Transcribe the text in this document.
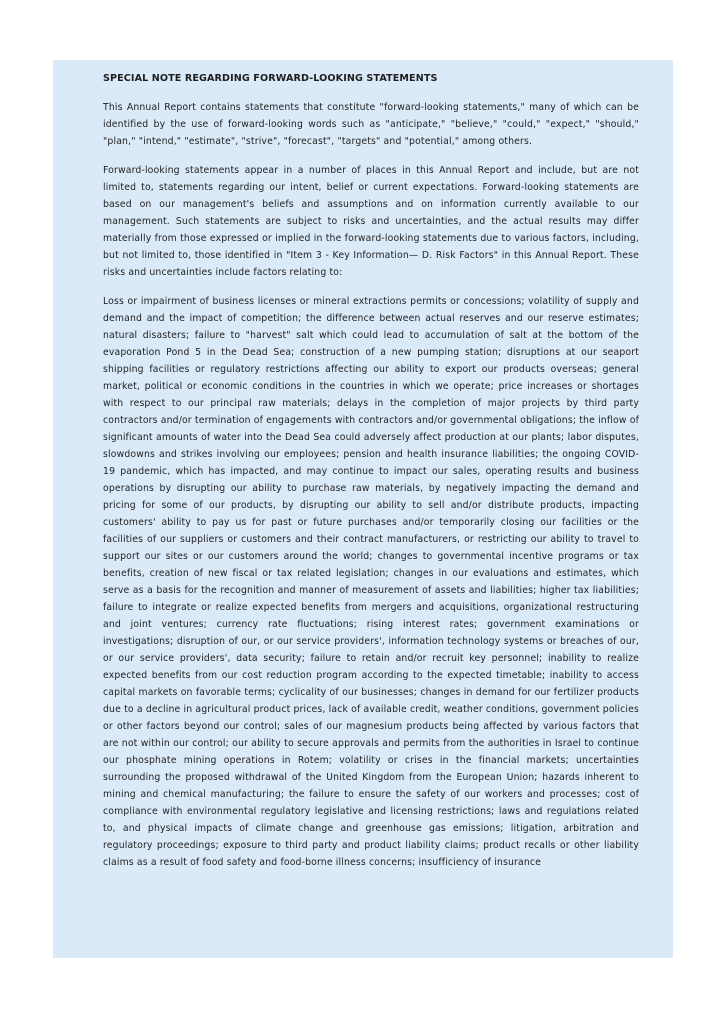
SPECIAL NOTE REGARDING FORWARD-LOOKING STATEMENTS

This Annual Report contains statements that constitute "forward-looking statements," many of which can be identified by the use of forward-looking words such as "anticipate," "believe," "could," "expect," "should," "plan," "intend," "estimate", "strive", "forecast", "targets" and "potential," among others.

Forward-looking statements appear in a number of places in this Annual Report and include, but are not limited to, statements regarding our intent, belief or current expectations. Forward-looking statements are based on our management's beliefs and assumptions and on information currently available to our management. Such statements are subject to risks and uncertainties, and the actual results may differ materially from those expressed or implied in the forward-looking statements due to various factors, including, but not limited to, those identified in "Item 3 - Key Information— D. Risk Factors" in this Annual Report. These risks and uncertainties include factors relating to:

Loss or impairment of business licenses or mineral extractions permits or concessions; volatility of supply and demand and the impact of competition; the difference between actual reserves and our reserve estimates; natural disasters; failure to "harvest" salt which could lead to accumulation of salt at the bottom of the evaporation Pond 5 in the Dead Sea; construction of a new pumping station; disruptions at our seaport shipping facilities or regulatory restrictions affecting our ability to export our products overseas; general market, political or economic conditions in the countries in which we operate; price increases or shortages with respect to our principal raw materials; delays in the completion of major projects by third party contractors and/or termination of engagements with contractors and/or governmental obligations; the inflow of significant amounts of water into the Dead Sea could adversely affect production at our plants; labor disputes, slowdowns and strikes involving our employees; pension and health insurance liabilities; the ongoing COVID-19 pandemic, which has impacted, and may continue to impact our sales, operating results and business operations by disrupting our ability to purchase raw materials, by negatively impacting the demand and pricing for some of our products, by disrupting our ability to sell and/or distribute products, impacting customers' ability to pay us for past or future purchases and/or temporarily closing our facilities or the facilities of our suppliers or customers and their contract manufacturers, or restricting our ability to travel to support our sites or our customers around the world; changes to governmental incentive programs or tax benefits, creation of new fiscal or tax related legislation; changes in our evaluations and estimates, which serve as a basis for the recognition and manner of measurement of assets and liabilities; higher tax liabilities; failure to integrate or realize expected benefits from mergers and acquisitions, organizational restructuring and joint ventures; currency rate fluctuations; rising interest rates; government examinations or investigations; disruption of our, or our service providers', information technology systems or breaches of our, or our service providers', data security; failure to retain and/or recruit key personnel; inability to realize expected benefits from our cost reduction program according to the expected timetable; inability to access capital markets on favorable terms; cyclicality of our businesses; changes in demand for our fertilizer products due to a decline in agricultural product prices, lack of available credit, weather conditions, government policies or other factors beyond our control; sales of our magnesium products being affected by various factors that are not within our control; our ability to secure approvals and permits from the authorities in Israel to continue our phosphate mining operations in Rotem; volatility or crises in the financial markets; uncertainties surrounding the proposed withdrawal of the United Kingdom from the European Union; hazards inherent to mining and chemical manufacturing; the failure to ensure the safety of our workers and processes; cost of compliance with environmental regulatory legislative and licensing restrictions; laws and regulations related to, and physical impacts of climate change and greenhouse gas emissions; litigation, arbitration and regulatory proceedings; exposure to third party and product liability claims; product recalls or other liability claims as a result of food safety and food-borne illness concerns; insufficiency of insurance
